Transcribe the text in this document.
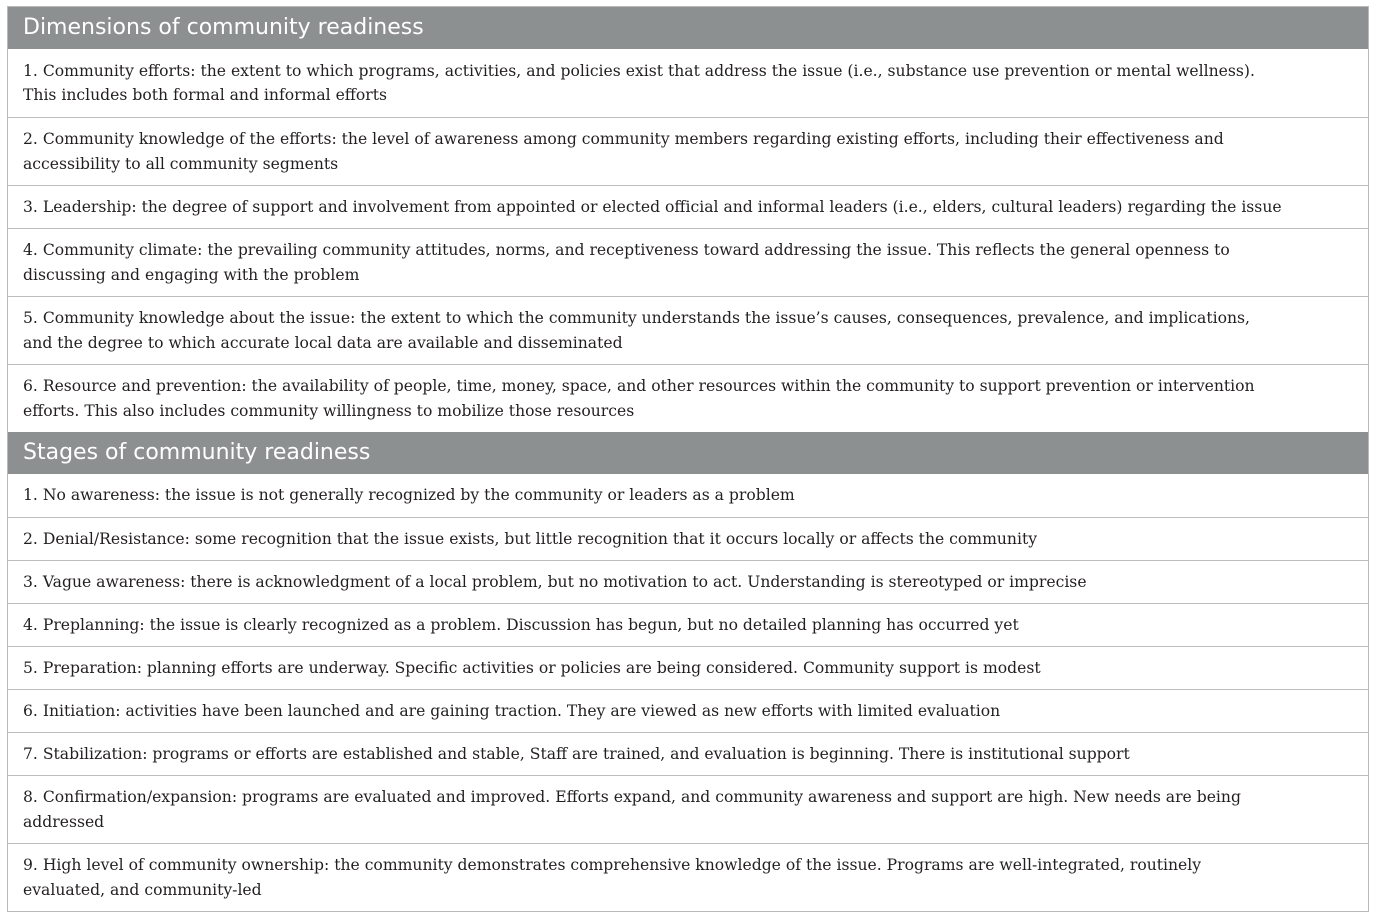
Dimensions of community readiness
1. Community efforts: the extent to which programs, activities, and policies exist that address the issue (i.e., substance use prevention or mental wellness). This includes both formal and informal efforts
2. Community knowledge of the efforts: the level of awareness among community members regarding existing efforts, including their effectiveness and accessibility to all community segments
3. Leadership: the degree of support and involvement from appointed or elected official and informal leaders (i.e., elders, cultural leaders) regarding the issue
4. Community climate: the prevailing community attitudes, norms, and receptiveness toward addressing the issue. This reflects the general openness to discussing and engaging with the problem
5. Community knowledge about the issue: the extent to which the community understands the issue’s causes, consequences, prevalence, and implications, and the degree to which accurate local data are available and disseminated
6. Resource and prevention: the availability of people, time, money, space, and other resources within the community to support prevention or intervention efforts. This also includes community willingness to mobilize those resources
Stages of community readiness
1. No awareness: the issue is not generally recognized by the community or leaders as a problem
2. Denial/Resistance: some recognition that the issue exists, but little recognition that it occurs locally or affects the community
3. Vague awareness: there is acknowledgment of a local problem, but no motivation to act. Understanding is stereotyped or imprecise
4. Preplanning: the issue is clearly recognized as a problem. Discussion has begun, but no detailed planning has occurred yet
5. Preparation: planning efforts are underway. Specific activities or policies are being considered. Community support is modest
6. Initiation: activities have been launched and are gaining traction. They are viewed as new efforts with limited evaluation
7. Stabilization: programs or efforts are established and stable, Staff are trained, and evaluation is beginning. There is institutional support
8. Confirmation/expansion: programs are evaluated and improved. Efforts expand, and community awareness and support are high. New needs are being addressed
9. High level of community ownership: the community demonstrates comprehensive knowledge of the issue. Programs are well-integrated, routinely evaluated, and community-led
